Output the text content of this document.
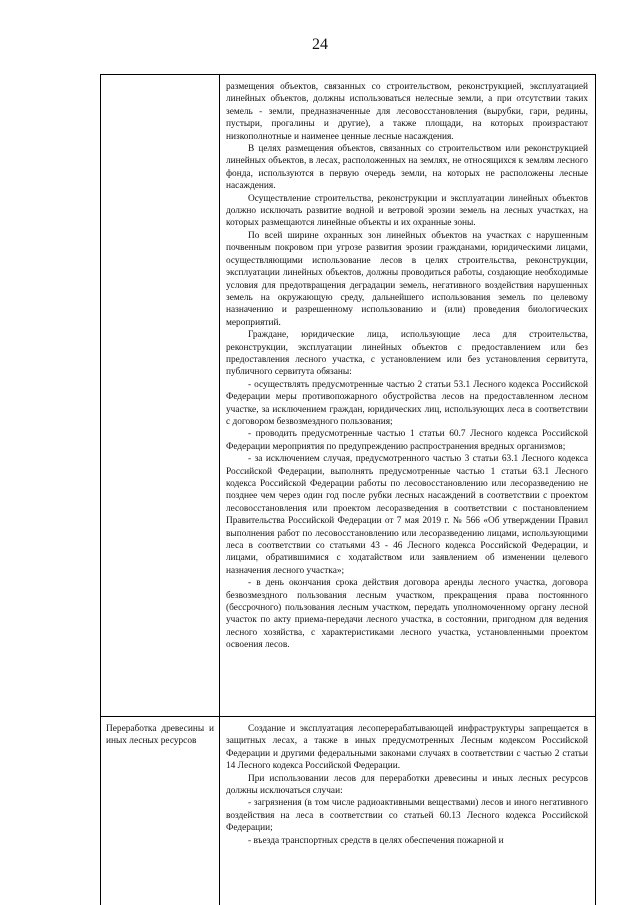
24

размещения объектов, связанных со строительством, реконструкцией, эксплуатацией линейных объектов, должны использоваться нелесные земли, а при отсутствии таких земель - земли, предназначенные для лесовосстановления (вырубки, гари, редины, пустыри, прогалины и другие), а также площади, на которых произрастают низкополнотные и наименее ценные лесные насаждения.

В целях размещения объектов, связанных со строительством или реконструкцией линейных объектов, в лесах, расположенных на землях, не относящихся к землям лесного фонда, используются в первую очередь земли, на которых не расположены лесные насаждения.

Осуществление строительства, реконструкции и эксплуатации линейных объектов должно исключать развитие водной и ветровой эрозии земель на лесных участках, на которых размещаются линейные объекты и их охранные зоны.

По всей ширине охранных зон линейных объектов на участках с нарушенным почвенным покровом при угрозе развития эрозии гражданами, юридическими лицами, осуществляющими использование лесов в целях строительства, реконструкции, эксплуатации линейных объектов, должны проводиться работы, создающие необходимые условия для предотвращения деградации земель, негативного воздействия нарушенных земель на окружающую среду, дальнейшего использования земель по целевому назначению и разрешенному использованию и (или) проведения биологических мероприятий.

Граждане, юридические лица, использующие леса для строительства, реконструкции, эксплуатации линейных объектов с предоставлением или без предоставления лесного участка, с установлением или без установления сервитута, публичного сервитута обязаны:

- осуществлять предусмотренные частью 2 статьи 53.1 Лесного кодекса Российской Федерации меры противопожарного обустройства лесов на предоставленном лесном участке, за исключением граждан, юридических лиц, использующих леса в соответствии с договором безвозмездного пользования;

- проводить предусмотренные частью 1 статьи 60.7 Лесного кодекса Российской Федерации мероприятия по предупреждению распространения вредных организмов;

- за исключением случая, предусмотренного частью 3 статьи 63.1 Лесного кодекса Российской Федерации, выполнять предусмотренные частью 1 статьи 63.1 Лесного кодекса Российской Федерации работы по лесовосстановлению или лесоразведению не позднее чем через один год после рубки лесных насаждений в соответствии с проектом лесовосстановления или проектом лесоразведения в соответствии с постановлением Правительства Российской Федерации от 7 мая 2019 г. № 566 «Об утверждении Правил выполнения работ по лесовосстановлению или лесоразведению лицами, использующими леса в соответствии со статьями 43 - 46 Лесного кодекса Российской Федерации, и лицами, обратившимися с ходатайством или заявлением об изменении целевого назначения лесного участка»;

- в день окончания срока действия договора аренды лесного участка, договора безвозмездного пользования лесным участком, прекращения права постоянного (бессрочного) пользования лесным участком, передать уполномоченному органу лесной участок по акту приема-передачи лесного участка, в состоянии, пригодном для ведения лесного хозяйства, с характеристиками лесного участка, установленными проектом освоения лесов.

Переработка древесины и иных лесных ресурсов

Создание и эксплуатация лесоперерабатывающей инфраструктуры запрещается в защитных лесах, а также в иных предусмотренных Лесным кодексом Российской Федерации и другими федеральными законами случаях в соответствии с частью 2 статьи 14 Лесного кодекса Российской Федерации.

При использовании лесов для переработки древесины и иных лесных ресурсов должны исключаться случаи:

- загрязнения (в том числе радиоактивными веществами) лесов и иного негативного воздействия на леса в соответствии со статьей 60.13 Лесного кодекса Российской Федерации;

- въезда транспортных средств в целях обеспечения пожарной и
